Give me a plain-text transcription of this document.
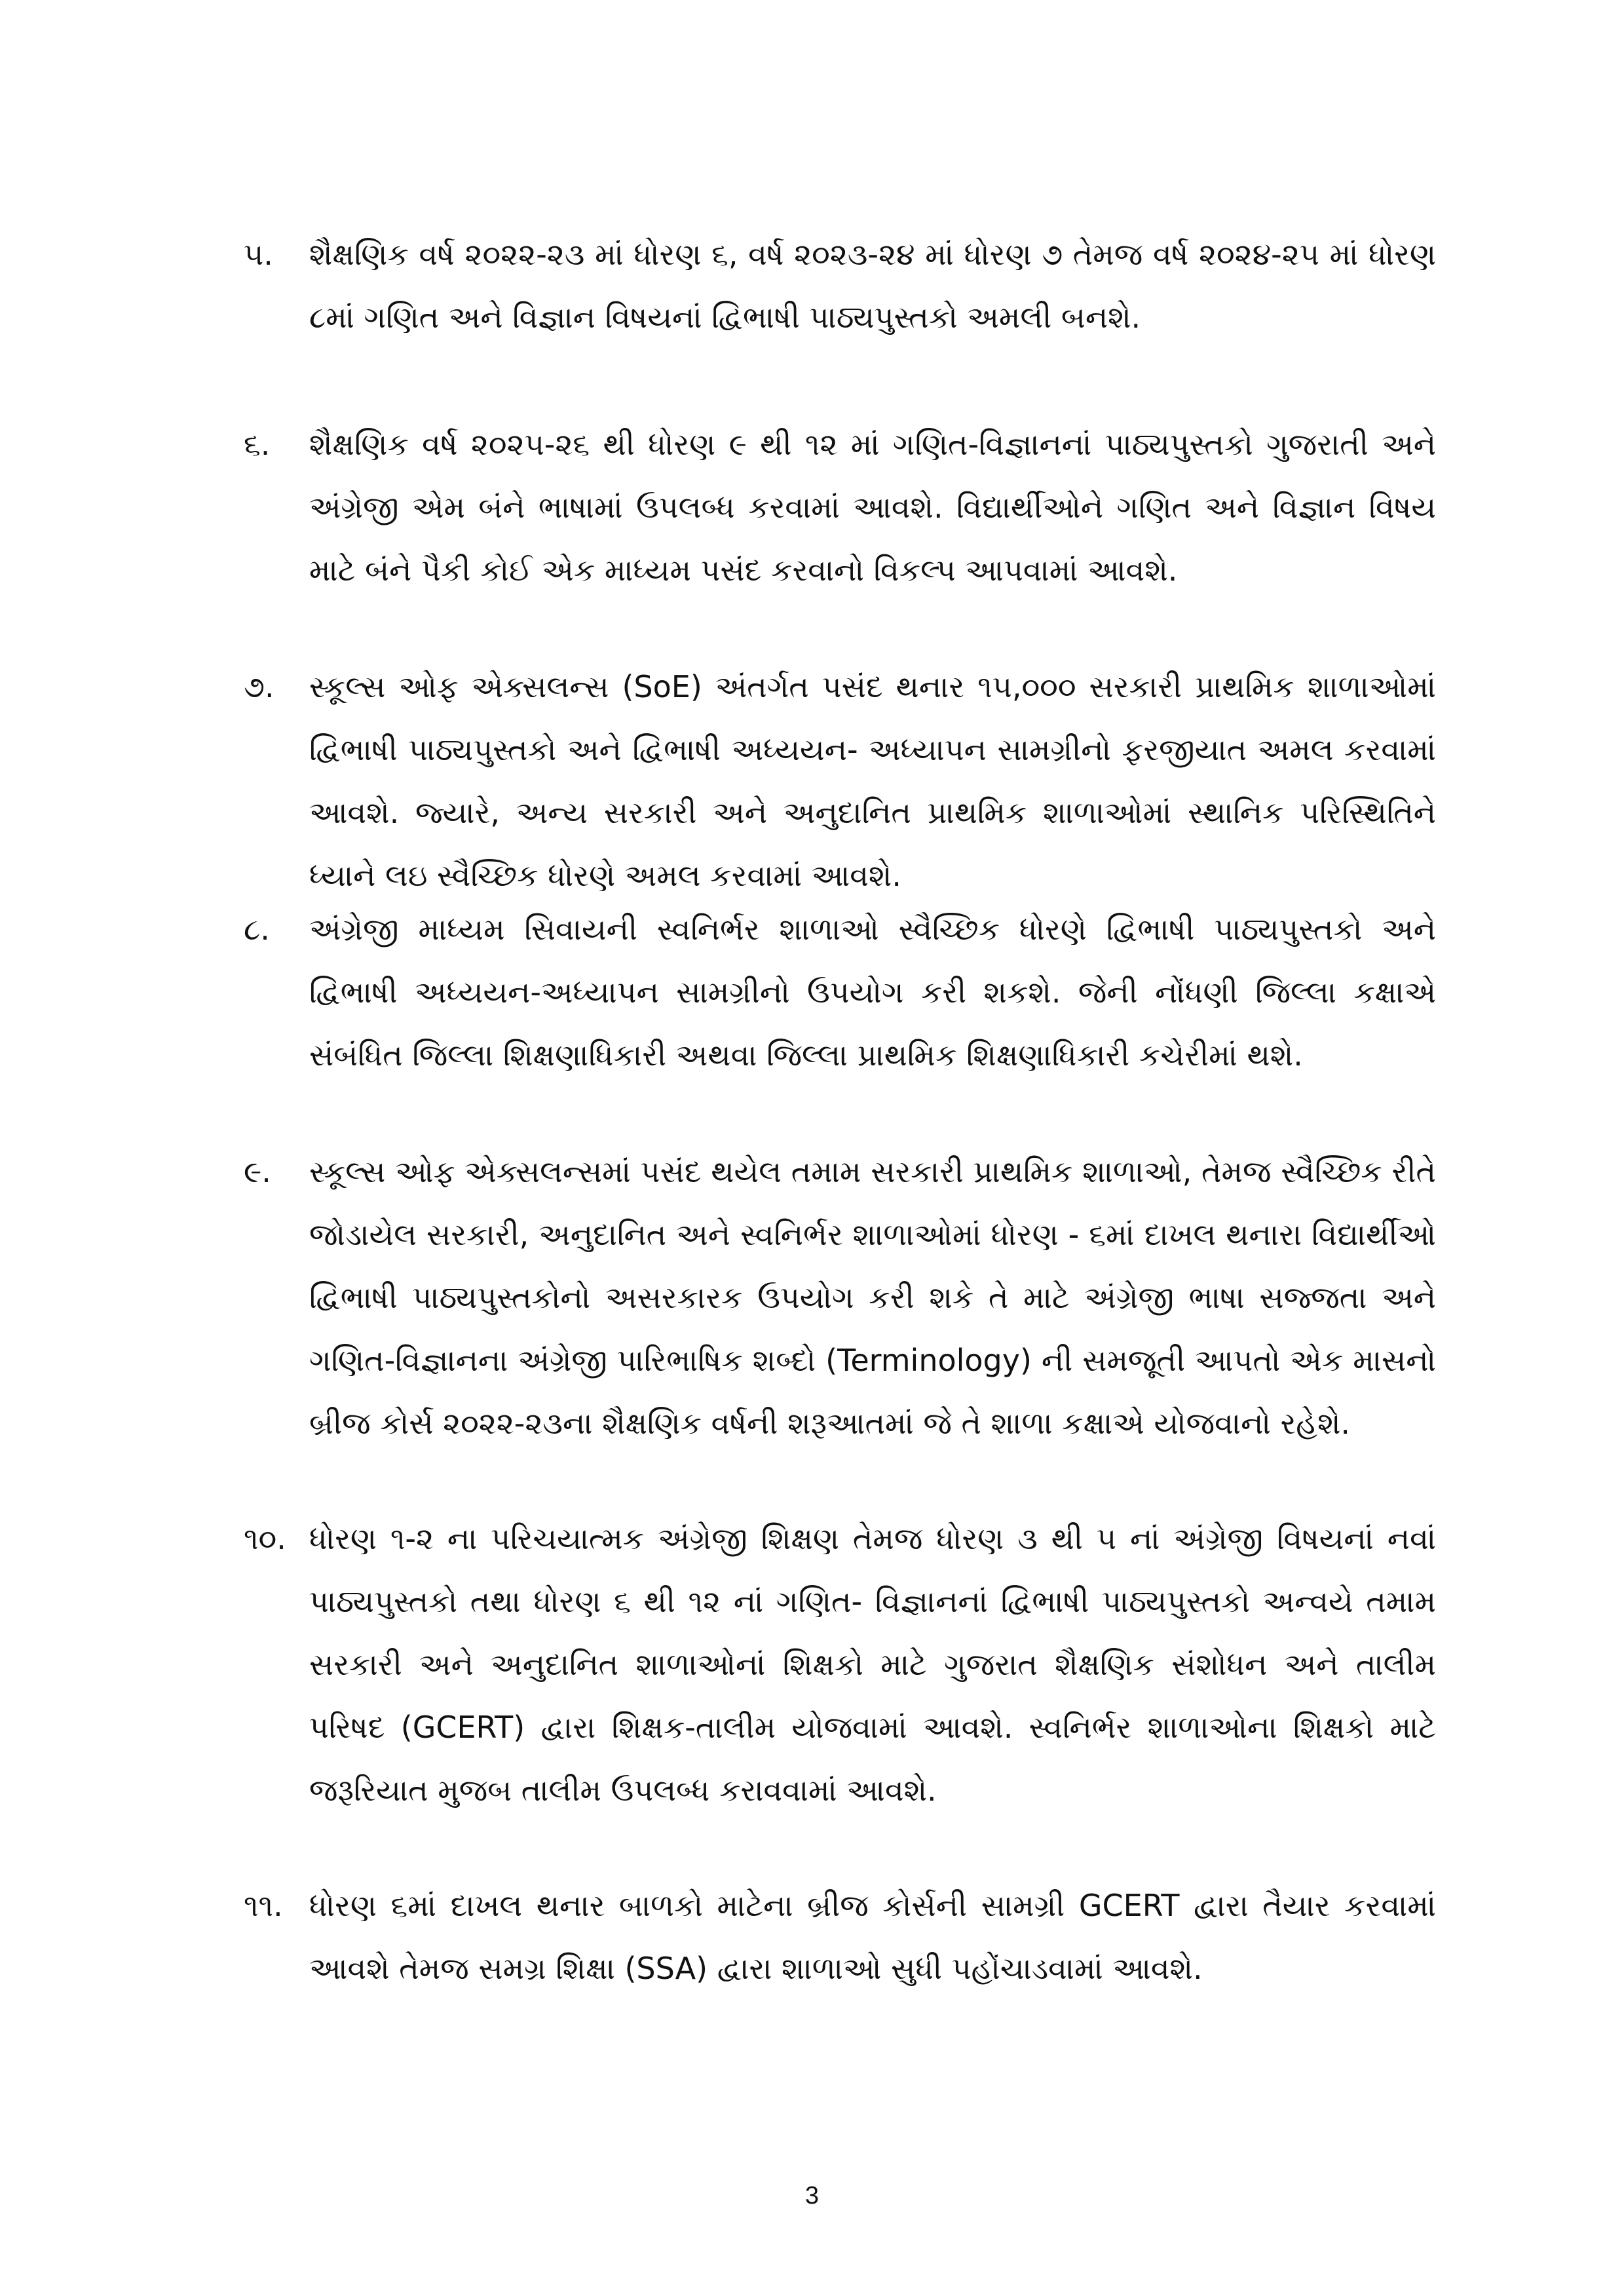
૫.	શૈક્ષણિક વર્ષ ૨૦૨૨-૨૩ માં ધોરણ ૬, વર્ષ ૨૦૨૩-૨૪ માં ધોરણ ૭ તેમજ વર્ષ ૨૦૨૪-૨૫ માં ધોરણ ૮માં ગણિત અને વિજ્ઞાન વિષયનાં દ્વિભાષી પાઠ્યપુસ્તકો અમલી બનશે.
૬.	શૈક્ષણિક વર્ષ ૨૦૨૫-૨૬ થી ધોરણ ૯ થી ૧૨ માં ગણિત-વિજ્ઞાનનાં પાઠ્યપુસ્તકો ગુજરાતી અને અંગ્રેજી એમ બંને ભાષામાં ઉપલબ્ધ કરવામાં આવશે. વિદ્યાર્થીઓને ગણિત અને વિજ્ઞાન વિષય માટે બંને પૈકી કોઈ એક માધ્યમ પસંદ કરવાનો વિકલ્પ આપવામાં આવશે.
૭.	સ્કૂલ્સ ઓફ એક્સલન્સ (SoE) અંતર્ગત પસંદ થનાર ૧૫,૦૦૦ સરકારી પ્રાથમિક શાળાઓમાં દ્વિભાષી પાઠ્યપુસ્તકો અને દ્વિભાષી અધ્યયન- અધ્યાપન સામગ્રીનો ફરજીયાત અમલ કરવામાં આવશે. જ્યારે, અન્ય સરકારી અને અનુદાનિત પ્રાથમિક શાળાઓમાં સ્થાનિક પરિસ્થિતિને ધ્યાને લઇ સ્વૈચ્છિક ધોરણે અમલ કરવામાં આવશે.
૮.	અંગ્રેજી માધ્યમ સિવાયની સ્વનિર્ભર શાળાઓ સ્વૈચ્છિક ધોરણે દ્વિભાષી પાઠ્યપુસ્તકો અને દ્વિભાષી અધ્યયન-અધ્યાપન સામગ્રીનો ઉપયોગ કરી શકશે. જેની નોંધણી જિલ્લા કક્ષાએ સંબંધિત જિલ્લા શિક્ષણાધિકારી અથવા જિલ્લા પ્રાથમિક શિક્ષણાધિકારી કચેરીમાં થશે.
૯.	સ્કૂલ્સ ઓફ એક્સલન્સમાં પસંદ થયેલ તમામ સરકારી પ્રાથમિક શાળાઓ, તેમજ સ્વૈચ્છિક રીતે જોડાયેલ સરકારી, અનુદાનિત અને સ્વનિર્ભર શાળાઓમાં ધોરણ - ૬માં દાખલ થનારા વિદ્યાર્થીઓ દ્વિભાષી પાઠ્યપુસ્તકોનો અસરકારક ઉપયોગ કરી શકે તે માટે અંગ્રેજી ભાષા સજ્જતા અને ગણિત-વિજ્ઞાનના અંગ્રેજી પારિભાષિક શબ્દો (Terminology) ની સમજૂતી આપતો એક માસનો બ્રીજ કોર્સ ૨૦૨૨-૨૩ના શૈક્ષણિક વર્ષની શરૂઆતમાં જે તે શાળા કક્ષાએ યોજવાનો રહેશે.
૧૦. ધોરણ ૧-૨ ના પરિચયાત્મક અંગ્રેજી શિક્ષણ તેમજ ધોરણ ૩ થી ૫ નાં અંગ્રેજી વિષયનાં નવાં પાઠ્યપુસ્તકો તથા ધોરણ ૬ થી ૧૨ નાં ગણિત- વિજ્ઞાનનાં દ્વિભાષી પાઠ્યપુસ્તકો અન્વયે તમામ સરકારી અને અનુદાનિત શાળાઓનાં શિક્ષકો માટે ગુજરાત શૈક્ષણિક સંશોધન અને તાલીમ પરિષદ (GCERT) દ્વારા શિક્ષક-તાલીમ યોજવામાં આવશે. સ્વનિર્ભર શાળાઓના શિક્ષકો માટે જરૂરિયાત મુજબ તાલીમ ઉપલબ્ધ કરાવવામાં આવશે.
૧૧. ધોરણ ૬માં દાખલ થનાર બાળકો માટેના બ્રીજ કોર્સની સામગ્રી GCERT દ્વારા તૈયાર કરવામાં આવશે તેમજ સમગ્ર શિક્ષા (SSA) દ્વારા શાળાઓ સુધી પહોંચાડવામાં આવશે.
3
